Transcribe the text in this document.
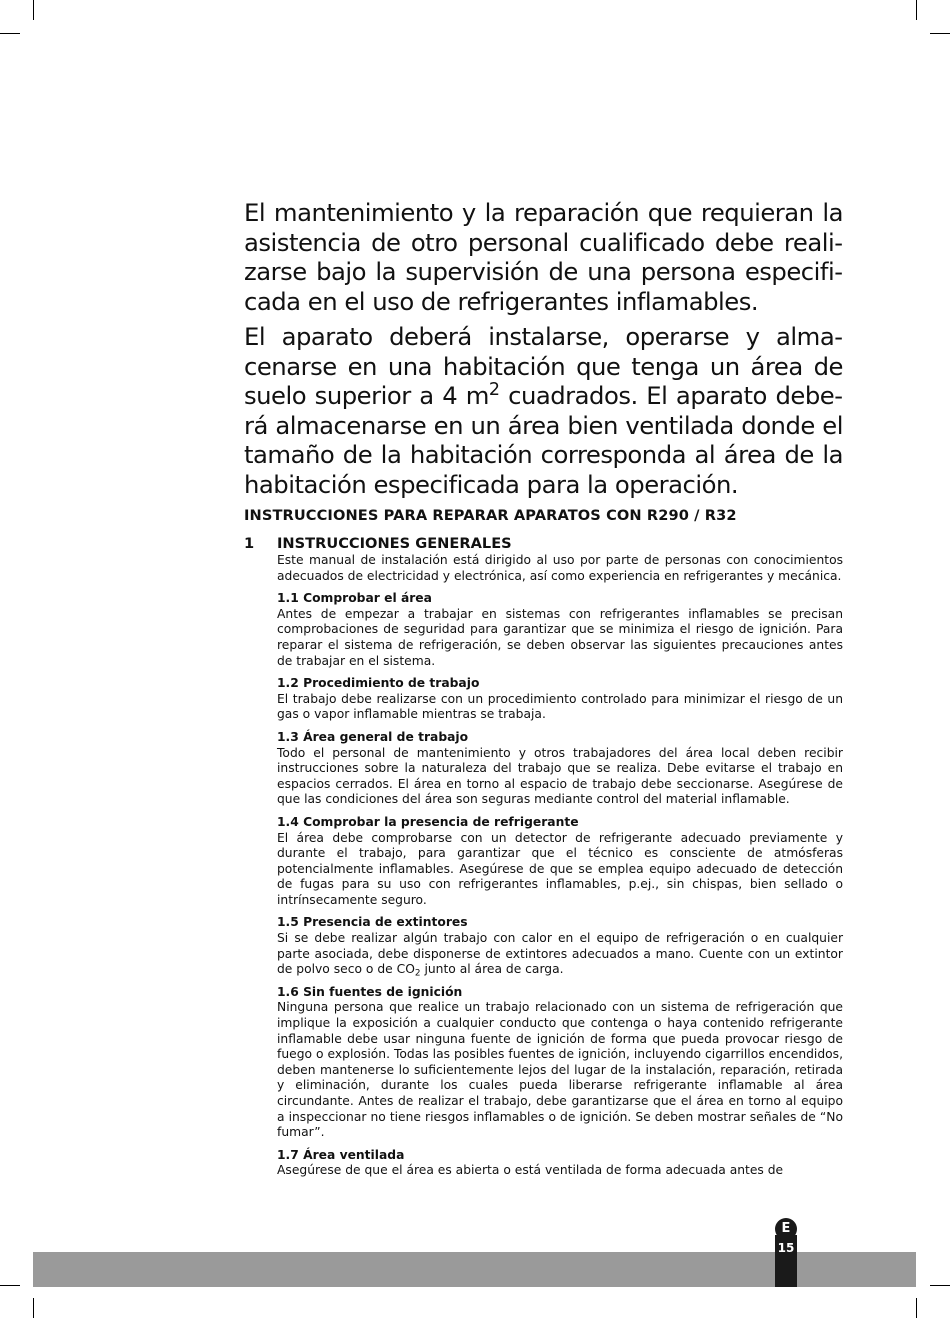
El mantenimiento y la reparación que requieran la asistencia de otro personal cualificado debe realizarse bajo la supervisión de una persona especificada en el uso de refrigerantes inflamables.

El aparato deberá instalarse, operarse y almacenarse en una habitación que tenga un área de suelo superior a 4 $m^2$ cuadrados. El aparato deberá almacenarse en un área bien ventilada donde el tamaño de la habitación corresponda al área de la habitación especificada para la operación.

INSTRUCCIONES PARA REPARAR APARATOS CON R290 / R32
1 INSTRUCCIONES GENERALES

Este manual de instalación está dirigido al uso por parte de personas con conocimientos adecuados de electricidad y electrónica, así como experiencia en refrigerantes y mecánica.

1.1 Comprobar el área

Antes de empezar a trabajar en sistemas con refrigerantes inflamables se precisan comprobaciones de seguridad para garantizar que se minimiza el riesgo de ignición. Para reparar el sistema de refrigeración, se deben observar las siguientes precauciones antes de trabajar en el sistema.

1.2 Procedimiento de trabajo

El trabajo debe realizarse con un procedimiento controlado para minimizar el riesgo de un gas o vapor inflamable mientras se trabaja.

1.3 Área general de trabajo

Todo el personal de mantenimiento y otros trabajadores del área local deben recibir instrucciones sobre la naturaleza del trabajo que se realiza. Debe evitarse el trabajo en espacios cerrados. El área en torno al espacio de trabajo debe seccionarse. Asegúrese de que las condiciones del área son seguras mediante control del material inflamable.

1.4 Comprobar la presencia de refrigerante

El área debe comprobarse con un detector de refrigerante adecuado previamente y durante el trabajo, para garantizar que el técnico es consciente de atmósferas potencialmente inflamables. Asegúrese de que se emplea equipo adecuado de detección de fugas para su uso con refrigerantes inflamables, p.ej., sin chispas, bien sellado o intrínsecamente seguro.

1.5 Presencia de extintores

Si se debe realizar algún trabajo con calor en el equipo de refrigeración o en cualquier parte asociada, debe disponerse de extintores adecuados a mano. Cuente con un extintor de polvo seco o de $CO_2$ junto al área de carga.

1.6 Sin fuentes de ignición

Ninguna persona que realice un trabajo relacionado con un sistema de refrigeración que implique la exposición a cualquier conducto que contenga o haya contenido refrigerante inflamable debe usar ninguna fuente de ignición de forma que pueda provocar riesgo de fuego o explosión. Todas las posibles fuentes de ignición, incluyendo cigarrillos encendidos, deben mantenerse lo suficientemente lejos del lugar de la instalación, reparación, retirada y eliminación, durante los cuales pueda liberarse refrigerante inflamable al área circundante. Antes de realizar el trabajo, debe garantizarse que el área en torno al equipo a inspeccionar no tiene riesgos inflamables o de ignición. Se deben mostrar señales de “No fumar”.

1.7 Área ventilada

Asegúrese de que el área es abierta o está ventilada de forma adecuada antes de

E
15
